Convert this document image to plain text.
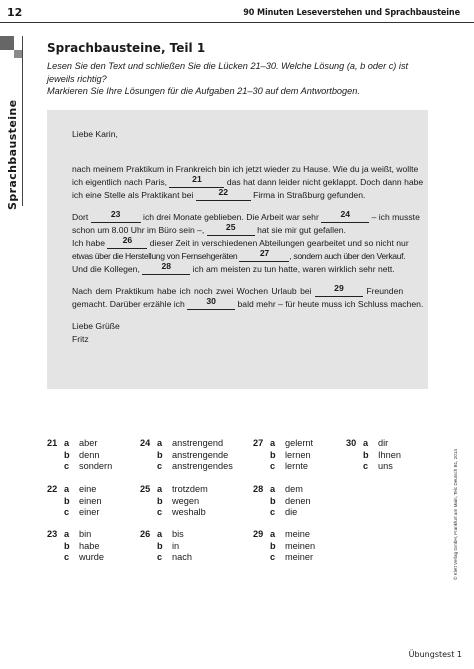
12	90 Minuten Leseverstehen und Sprachbausteine
Sprachbausteine
Sprachbausteine, Teil 1
Lesen Sie den Text und schließen Sie die Lücken 21–30. Welche Lösung (a, b oder c) ist jeweils richtig?
Markieren Sie Ihre Lösungen für die Aufgaben 21–30 auf dem Antwortbogen.
Liebe Karin,
nach meinem Praktikum in Frankreich bin ich jetzt wieder zu Hause. Wie du ja weißt, wollte
ich eigentlich nach Paris,	21	das hat dann leider nicht geklappt. Doch dann habe
ich eine Stelle als Praktikant bei	22	Firma in Straßburg gefunden.
Dort	23	ich drei Monate geblieben. Die Arbeit war sehr	24	– ich musste
schon um 8.00 Uhr im Büro sein –,	25	hat sie mir gut gefallen.
Ich habe 26 dieser Zeit in verschiedenen Abteilungen gearbeitet und so nicht nur
etwas über die Herstellung von Fernsehgeräten	27 , sondern auch über den Verkauf.
Und die Kollegen,	28	ich am meisten zu tun hatte, waren wirklich sehr nett.
Nach dem Praktikum habe ich noch zwei Wochen Urlaub bei	29	Freunden
gemacht. Darüber erzähle ich	30	bald mehr – für heute muss ich Schluss machen.
Liebe Grüße
Fritz
21 a aber
b denn
c sondern
22 a eine
b einen
c einer
23 a bin
b habe
c wurde
24 a anstrengend
b anstrengende
c anstrengendes
25 a trotzdem
b wegen
c weshalb
26 a bis
b in
c nach
27 a gelernt
b lernen
c lernte
28 a dem
b denen
c die
29 a meine
b meinen
c meiner
30 a dir
b Ihnen
c uns	© Klett Verlag GmbH, Frankfurt am Main, Telc Deutsch B1, 2014
Übungstest 1
